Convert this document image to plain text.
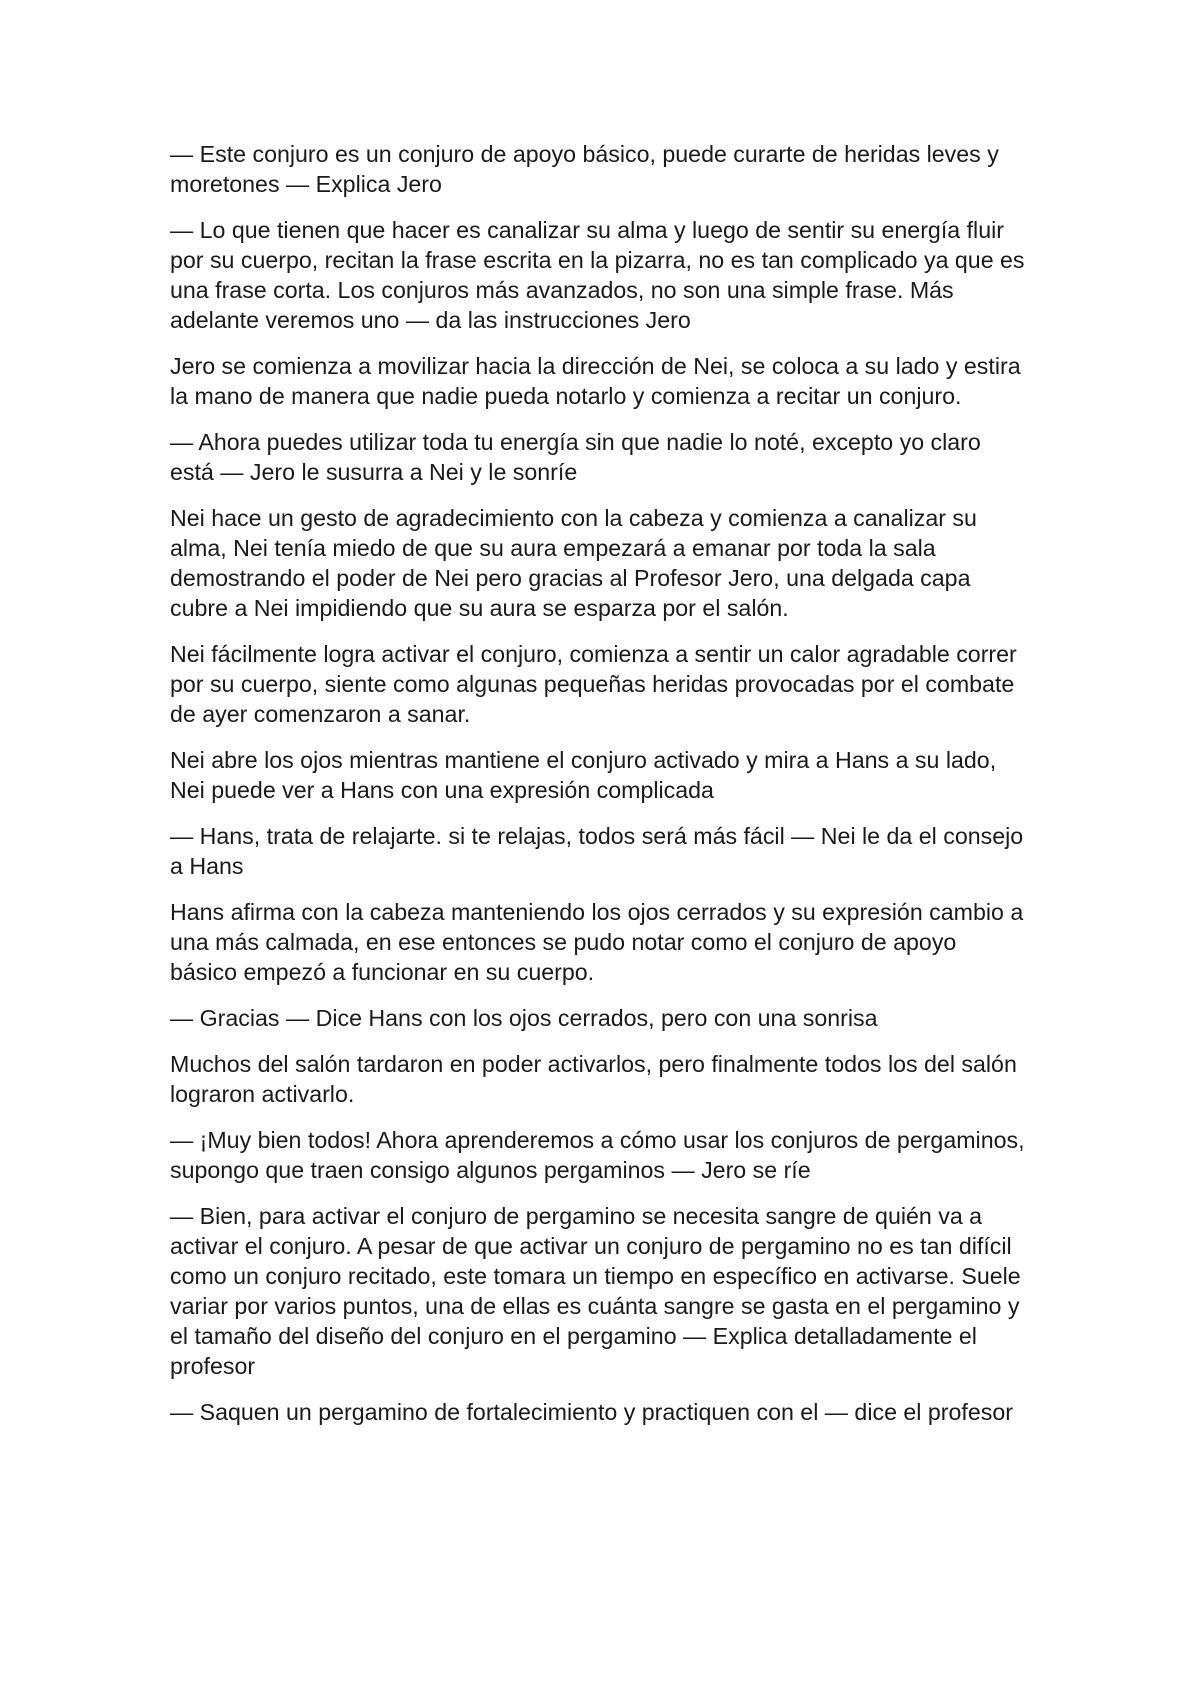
— Este conjuro es un conjuro de apoyo básico, puede curarte de heridas leves y moretones — Explica Jero

— Lo que tienen que hacer es canalizar su alma y luego de sentir su energía fluir por su cuerpo, recitan la frase escrita en la pizarra, no es tan complicado ya que es una frase corta. Los conjuros más avanzados, no son una simple frase. Más adelante veremos uno — da las instrucciones Jero

Jero se comienza a movilizar hacia la dirección de Nei, se coloca a su lado y estira la mano de manera que nadie pueda notarlo y comienza a recitar un conjuro.

— Ahora puedes utilizar toda tu energía sin que nadie lo noté, excepto yo claro está — Jero le susurra a Nei y le sonríe

Nei hace un gesto de agradecimiento con la cabeza y comienza a canalizar su alma, Nei tenía miedo de que su aura empezará a emanar por toda la sala demostrando el poder de Nei pero gracias al Profesor Jero, una delgada capa cubre a Nei impidiendo que su aura se esparza por el salón.

Nei fácilmente logra activar el conjuro, comienza a sentir un calor agradable correr por su cuerpo, siente como algunas pequeñas heridas provocadas por el combate de ayer comenzaron a sanar.

Nei abre los ojos mientras mantiene el conjuro activado y mira a Hans a su lado, Nei puede ver a Hans con una expresión complicada

— Hans, trata de relajarte. si te relajas, todos será más fácil — Nei le da el consejo a Hans

Hans afirma con la cabeza manteniendo los ojos cerrados y su expresión cambio a una más calmada, en ese entonces se pudo notar como el conjuro de apoyo básico empezó a funcionar en su cuerpo.

— Gracias — Dice Hans con los ojos cerrados, pero con una sonrisa

Muchos del salón tardaron en poder activarlos, pero finalmente todos los del salón lograron activarlo.

— ¡Muy bien todos! Ahora aprenderemos a cómo usar los conjuros de pergaminos, supongo que traen consigo algunos pergaminos — Jero se ríe

— Bien, para activar el conjuro de pergamino se necesita sangre de quién va a activar el conjuro. A pesar de que activar un conjuro de pergamino no es tan difícil como un conjuro recitado, este tomara un tiempo en específico en activarse. Suele variar por varios puntos, una de ellas es cuánta sangre se gasta en el pergamino y el tamaño del diseño del conjuro en el pergamino — Explica detalladamente el profesor

— Saquen un pergamino de fortalecimiento y practiquen con el — dice el profesor
